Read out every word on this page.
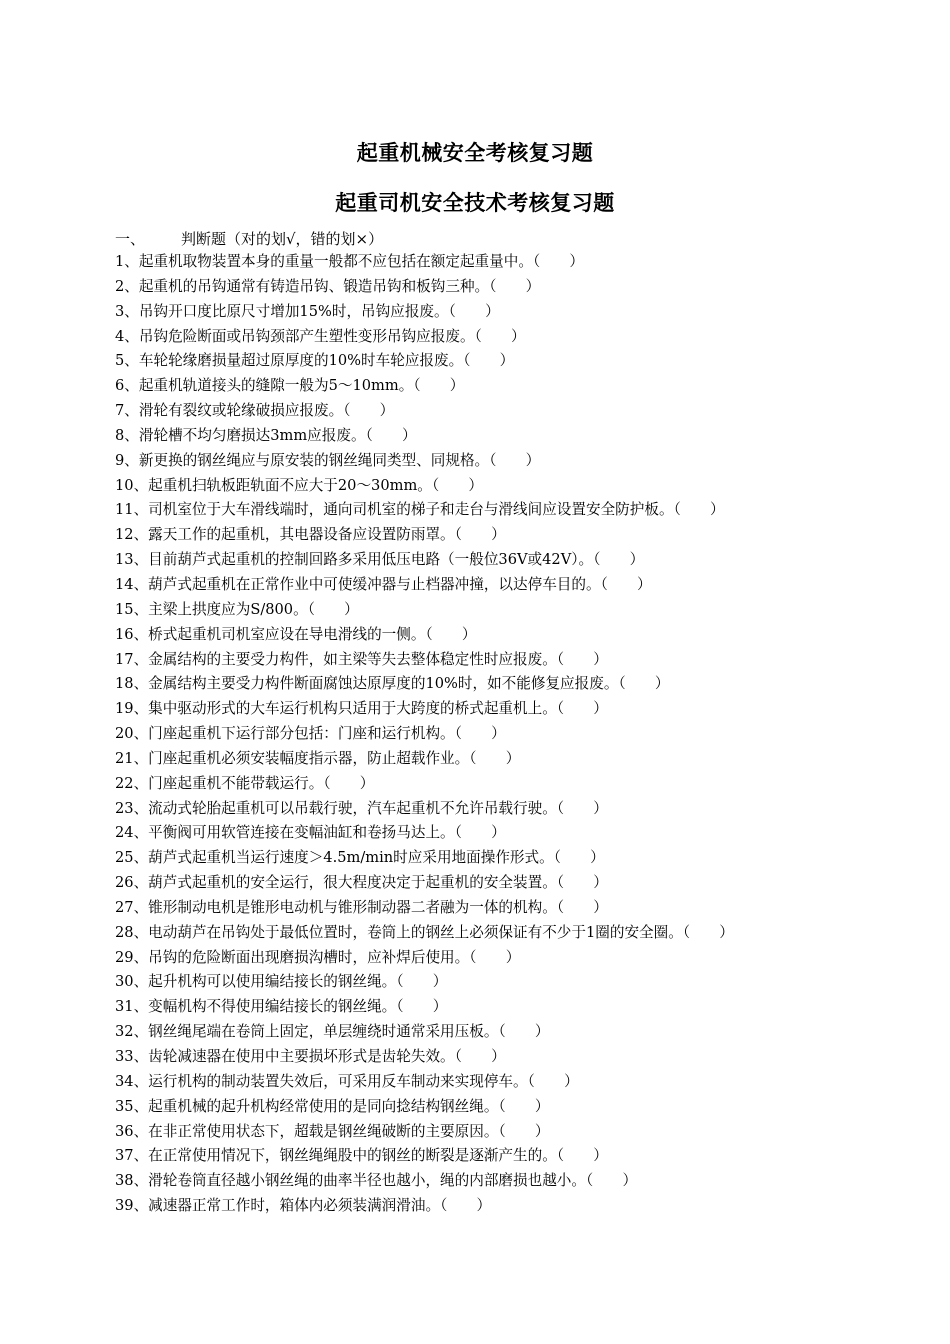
起重机械安全考核复习题
起重司机安全技术考核复习题
一、 判断题（对的划√，错的划×）
1、起重机取物装置本身的重量一般都不应包括在额定起重量中。（　　）
2、起重机的吊钩通常有铸造吊钩、锻造吊钩和板钩三种。（　　）
3、吊钩开口度比原尺寸增加15%时，吊钩应报废。（　　）
4、吊钩危险断面或吊钩颈部产生塑性变形吊钩应报废。（　　）
5、车轮轮缘磨损量超过原厚度的10%时车轮应报废。（　　）
6、起重机轨道接头的缝隙一般为5～10mm。（　　）
7、滑轮有裂纹或轮缘破损应报废。（　　）
8、滑轮槽不均匀磨损达3mm应报废。（　　）
9、新更换的钢丝绳应与原安装的钢丝绳同类型、同规格。（　　）
10、起重机扫轨板距轨面不应大于20～30mm。（　　）
11、司机室位于大车滑线端时，通向司机室的梯子和走台与滑线间应设置安全防护板。（　　）
12、露天工作的起重机，其电器设备应设置防雨罩。（　　）
13、目前葫芦式起重机的控制回路多采用低压电路（一般位36V或42V）。（　　）
14、葫芦式起重机在正常作业中可使缓冲器与止档器冲撞，以达停车目的。（　　）
15、主梁上拱度应为S/800。（　　）
16、桥式起重机司机室应设在导电滑线的一侧。（　　）
17、金属结构的主要受力构件，如主梁等失去整体稳定性时应报废。（　　）
18、金属结构主要受力构件断面腐蚀达原厚度的10%时，如不能修复应报废。（　　）
19、集中驱动形式的大车运行机构只适用于大跨度的桥式起重机上。（　　）
20、门座起重机下运行部分包括：门座和运行机构。（　　）
21、门座起重机必须安装幅度指示器，防止超载作业。（　　）
22、门座起重机不能带载运行。（　　）
23、流动式轮胎起重机可以吊载行驶，汽车起重机不允许吊载行驶。（　　）
24、平衡阀可用软管连接在变幅油缸和卷扬马达上。（　　）
25、葫芦式起重机当运行速度＞4.5m/min时应采用地面操作形式。（　　）
26、葫芦式起重机的安全运行，很大程度决定于起重机的安全装置。（　　）
27、锥形制动电机是锥形电动机与锥形制动器二者融为一体的机构。（　　）
28、电动葫芦在吊钩处于最低位置时，卷筒上的钢丝上必须保证有不少于1圈的安全圈。（　　）
29、吊钩的危险断面出现磨损沟槽时，应补焊后使用。（　　）
30、起升机构可以使用编结接长的钢丝绳。（　　）
31、变幅机构不得使用编结接长的钢丝绳。（　　）
32、钢丝绳尾端在卷筒上固定，单层缠绕时通常采用压板。（　　）
33、齿轮减速器在使用中主要损坏形式是齿轮失效。（　　）
34、运行机构的制动装置失效后，可采用反车制动来实现停车。（　　）
35、起重机械的起升机构经常使用的是同向捻结构钢丝绳。（　　）
36、在非正常使用状态下，超载是钢丝绳破断的主要原因。（　　）
37、在正常使用情况下，钢丝绳绳股中的钢丝的断裂是逐渐产生的。（　　）
38、滑轮卷筒直径越小钢丝绳的曲率半径也越小，绳的内部磨损也越小。（　　）
39、减速器正常工作时，箱体内必须装满润滑油。（　　）
